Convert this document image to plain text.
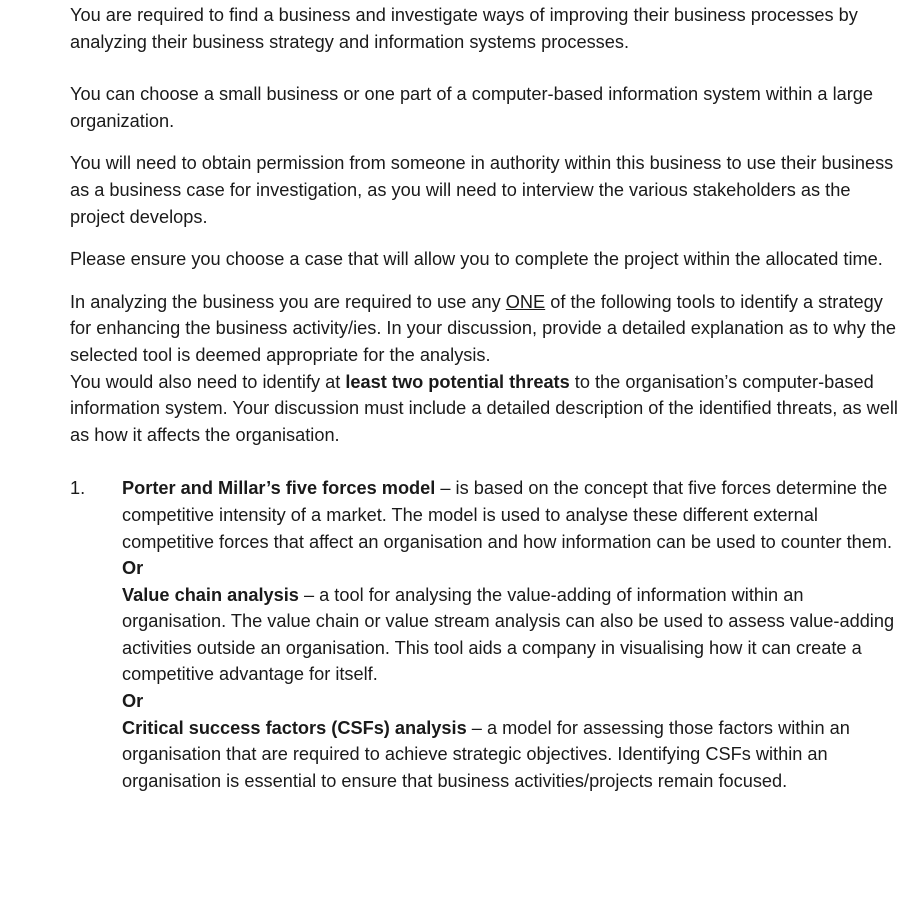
You are required to find a business and investigate ways of improving their business processes by analyzing their business strategy and information systems processes.

You can choose a small business or one part of a computer-based information system within a large organization.

You will need to obtain permission from someone in authority within this business to use their business as a business case for investigation, as you will need to interview the various stakeholders as the project develops.

Please ensure you choose a case that will allow you to complete the project within the allocated time.

In analyzing the business you are required to use any ONE of the following tools to identify a strategy for enhancing the business activity/ies. In your discussion, provide a detailed explanation as to why the selected tool is deemed appropriate for the analysis.

You would also need to identify at least two potential threats to the organisation’s computer-based information system. Your discussion must include a detailed description of the identified threats, as well as how it affects the organisation.

1. Porter and Millar’s five forces model – is based on the concept that five forces determine the competitive intensity of a market. The model is used to analyse these different external competitive forces that affect an organisation and how information can be used to counter them.

Or

Value chain analysis – a tool for analysing the value-adding of information within an organisation. The value chain or value stream analysis can also be used to assess value-adding activities outside an organisation. This tool aids a company in visualising how it can create a competitive advantage for itself.

Or

Critical success factors (CSFs) analysis – a model for assessing those factors within an organisation that are required to achieve strategic objectives. Identifying CSFs within an organisation is essential to ensure that business activities/projects remain focused.
